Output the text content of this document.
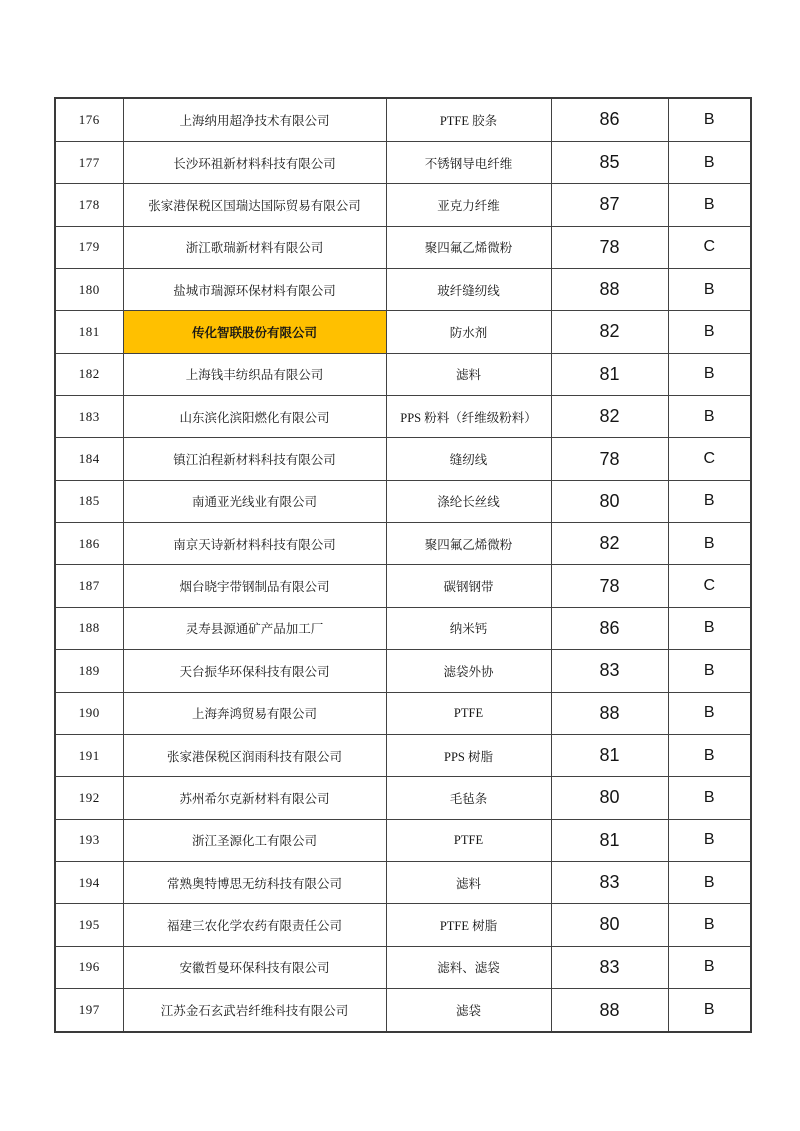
176	上海纳用超净技术有限公司	PTFE 胶条	86	B
177	长沙环祖新材料科技有限公司	不锈钢导电纤维	85	B
178	张家港保税区国瑞达国际贸易有限公司	亚克力纤维	87	B
179	浙江歌瑞新材料有限公司	聚四氟乙烯微粉	78	C
180	盐城市瑞源环保材料有限公司	玻纤缝纫线	88	B
181	传化智联股份有限公司	防水剂	82	B
182	上海钱丰纺织品有限公司	滤料	81	B
183	山东滨化滨阳燃化有限公司	PPS 粉料（纤维级粉料）	82	B
184	镇江泊程新材料科技有限公司	缝纫线	78	C
185	南通亚光线业有限公司	涤纶长丝线	80	B
186	南京天诗新材料科技有限公司	聚四氟乙烯微粉	82	B
187	烟台晓宇带钢制品有限公司	碳钢钢带	78	C
188	灵寿县源通矿产品加工厂	纳米钙	86	B
189	天台振华环保科技有限公司	滤袋外协	83	B
190	上海奔鸿贸易有限公司	PTFE	88	B
191	张家港保税区润雨科技有限公司	PPS 树脂	81	B
192	苏州希尔克新材料有限公司	毛毡条	80	B
193	浙江圣源化工有限公司	PTFE	81	B
194	常熟奥特博思无纺科技有限公司	滤料	83	B
195	福建三农化学农药有限责任公司	PTFE 树脂	80	B
196	安徽哲曼环保科技有限公司	滤料、滤袋	83	B
197	江苏金石玄武岩纤维科技有限公司	滤袋	88	B
